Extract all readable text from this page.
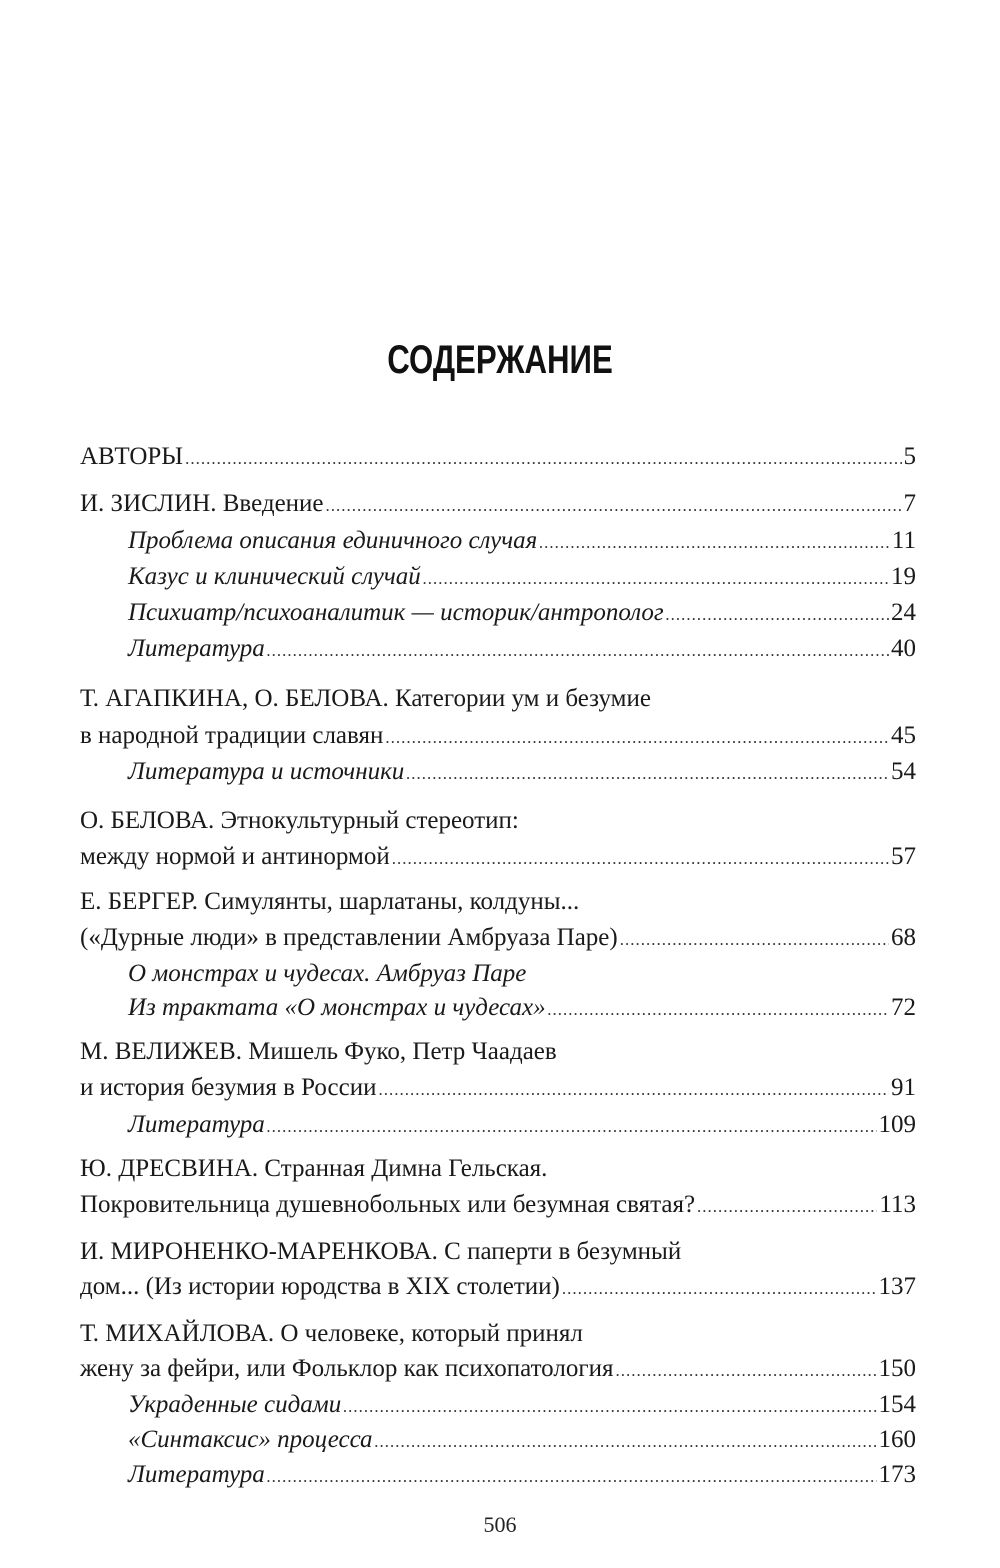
СОДЕРЖАНИЕ
АВТОРЫ .....	5
И. ЗИСЛИН. Введение .....	7
Проблема описания единичного случая .....	11
Казус и клинический случай .....	19
Психиатр/психоаналитик — историк/антрополог .....	24
Литература .....	40
Т. АГАПКИНА, О. БЕЛОВА. Категории ум и безумие
в народной традиции славян .....	45
Литература и источники .....	54
О. БЕЛОВА. Этнокультурный стереотип:
между нормой и антинормой .....	57
Е. БЕРГЕР. Симулянты, шарлатаны, колдуны...
(«Дурные люди» в представлении Амбруаза Паре) .....	68
О монстрах и чудесах. Амбруаз Паре
Из трактата «О монстрах и чудесах» .....	72
М. ВЕЛИЖЕВ. Мишель Фуко, Петр Чаадаев
и история безумия в России .....	91
Литература .....	109
Ю. ДРЕСВИНА. Странная Димна Гельская.
Покровительница душевнобольных или безумная святая? .....	113
И. МИРОНЕНКО-МАРЕНКОВА. С паперти в безумный
дом... (Из истории юродства в XIX столетии) .....	137
Т. МИХАЙЛОВА. О человеке, который принял
жену за фейри, или Фольклор как психопатология .....	150
Украденные сидами .....	154
«Синтаксис» процесса .....	160
Литература .....	173
506
